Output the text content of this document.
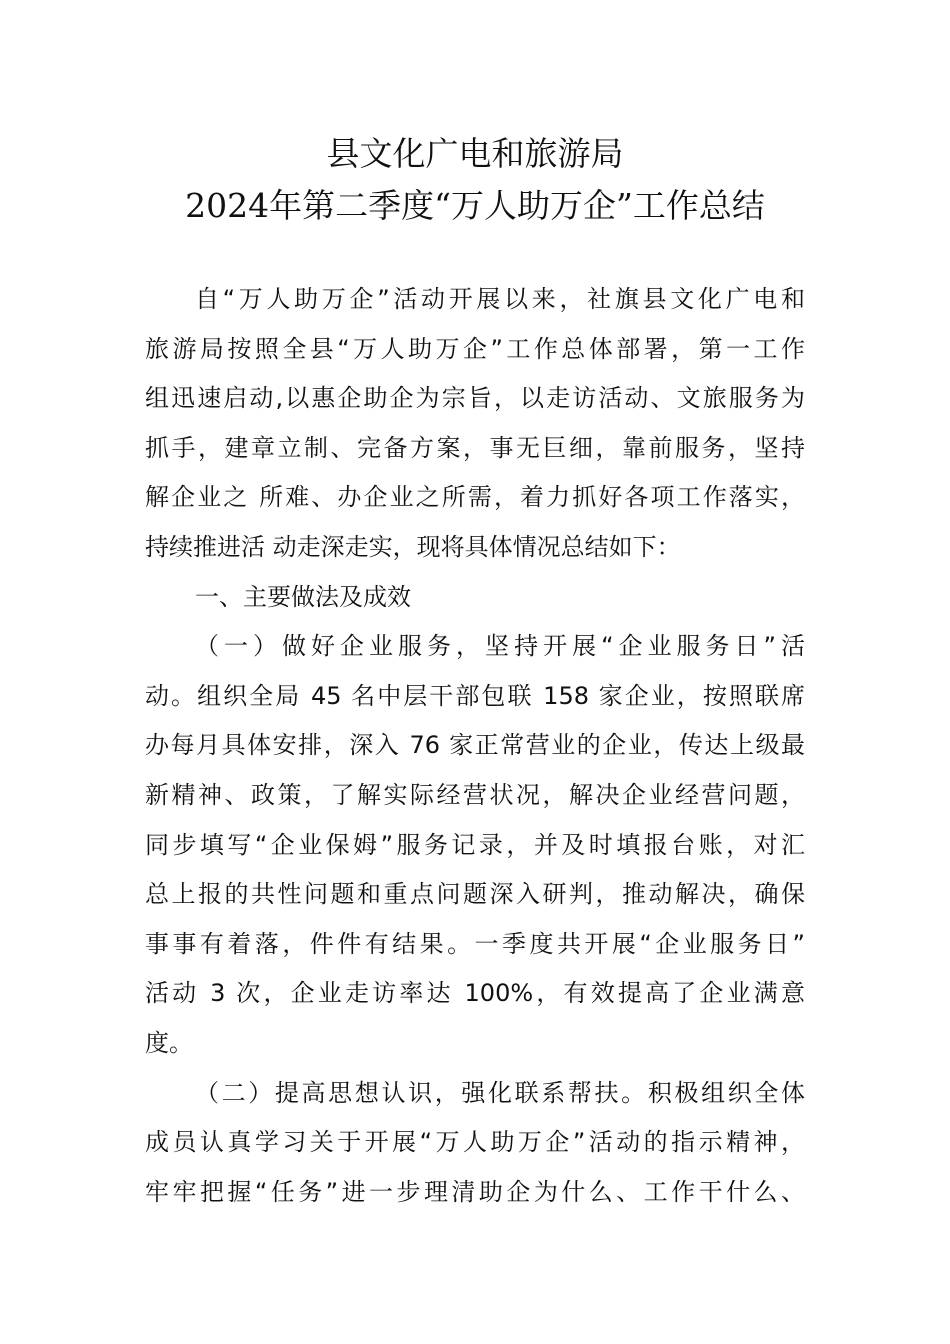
县文化广电和旅游局
2024年第二季度“万人助万企”工作总结
自“万人助万企”活动开展以来，社旗县文化广电和
旅游局按照全县“万人助万企”工作总体部署，第一工作
组迅速启动,以惠企助企为宗旨，以走访活动、文旅服务为
抓手，建章立制、完备方案，事无巨细，靠前服务，坚持
解企业之 所难、办企业之所需，着力抓好各项工作落实，
持续推进活 动走深走实，现将具体情况总结如下：
一、主要做法及成效
（一）做好企业服务，坚持开展“企业服务日”活
动。组织全局 45 名中层干部包联 158 家企业，按照联席
办每月具体安排，深入 76 家正常营业的企业，传达上级最
新精神、政策，了解实际经营状况，解决企业经营问题，
同步填写“企业保姆”服务记录，并及时填报台账，对汇
总上报的共性问题和重点问题深入研判，推动解决，确保
事事有着落，件件有结果。一季度共开展“企业服务日”
活动 3 次，企业走访率达 100%，有效提高了企业满意
度。
（二）提高思想认识，强化联系帮扶。积极组织全体
成员认真学习关于开展“万人助万企”活动的指示精神，
牢牢把握“任务”进一步理清助企为什么、工作干什么、
